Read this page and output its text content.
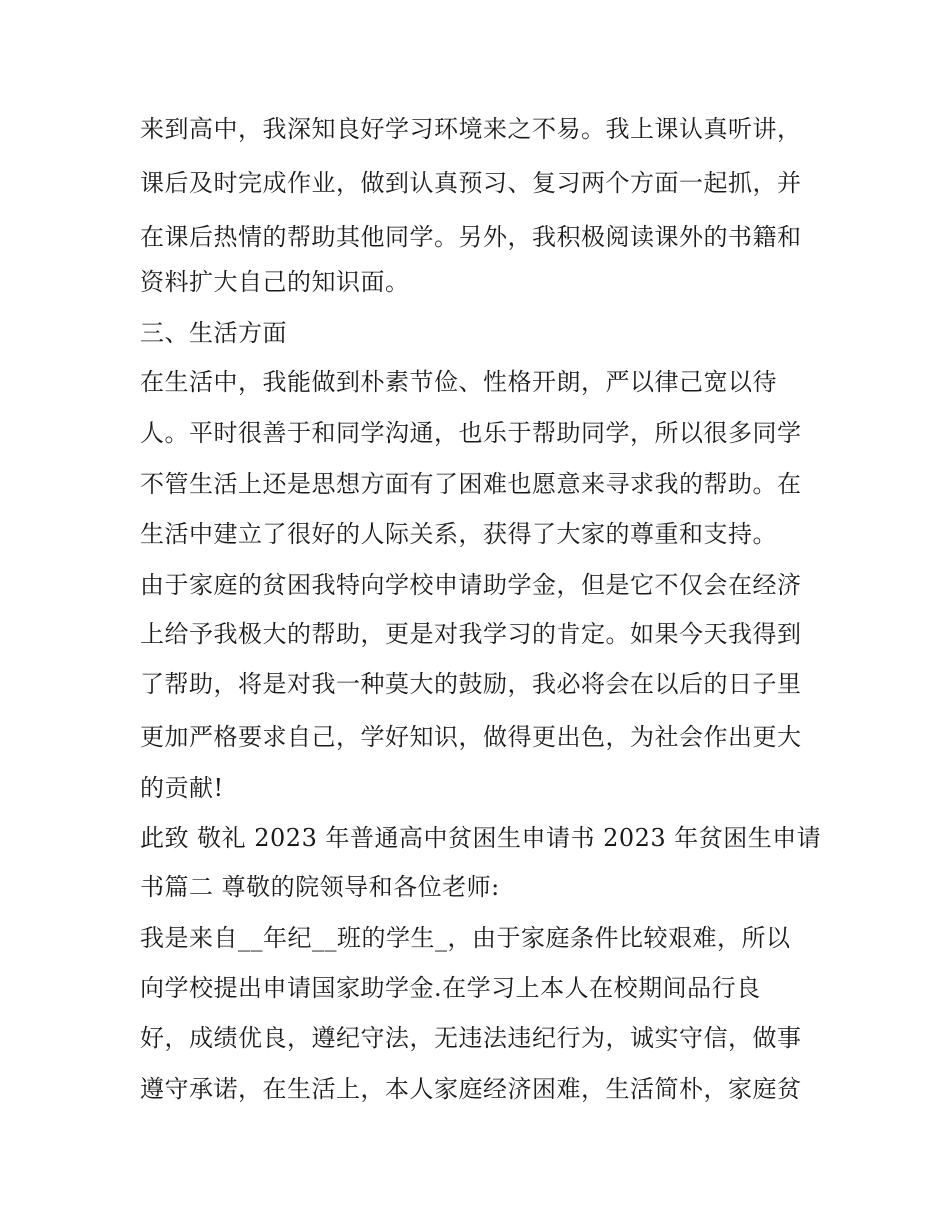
来到高中，我深知良好学习环境来之不易。我上课认真听讲，
课后及时完成作业，做到认真预习、复习两个方面一起抓，并
在课后热情的帮助其他同学。另外，我积极阅读课外的书籍和
资料扩大自己的知识面。
三、生活方面
在生活中，我能做到朴素节俭、性格开朗，严以律己宽以待
人。平时很善于和同学沟通，也乐于帮助同学，所以很多同学
不管生活上还是思想方面有了困难也愿意来寻求我的帮助。在
生活中建立了很好的人际关系，获得了大家的尊重和支持。
由于家庭的贫困我特向学校申请助学金，但是它不仅会在经济
上给予我极大的帮助，更是对我学习的肯定。如果今天我得到
了帮助，将是对我一种莫大的鼓励，我必将会在以后的日子里
更加严格要求自己，学好知识，做得更出色，为社会作出更大
的贡献!
此致 敬礼 2023 年普通高中贫困生申请书 2023 年贫困生申请
书篇二 尊敬的院领导和各位老师:
我是来自__年纪__班的学生_，由于家庭条件比较艰难，所以
向学校提出申请国家助学金.在学习上本人在校期间品行良
好，成绩优良，遵纪守法，无违法违纪行为，诚实守信，做事
遵守承诺，在生活上，本人家庭经济困难，生活简朴，家庭贫
